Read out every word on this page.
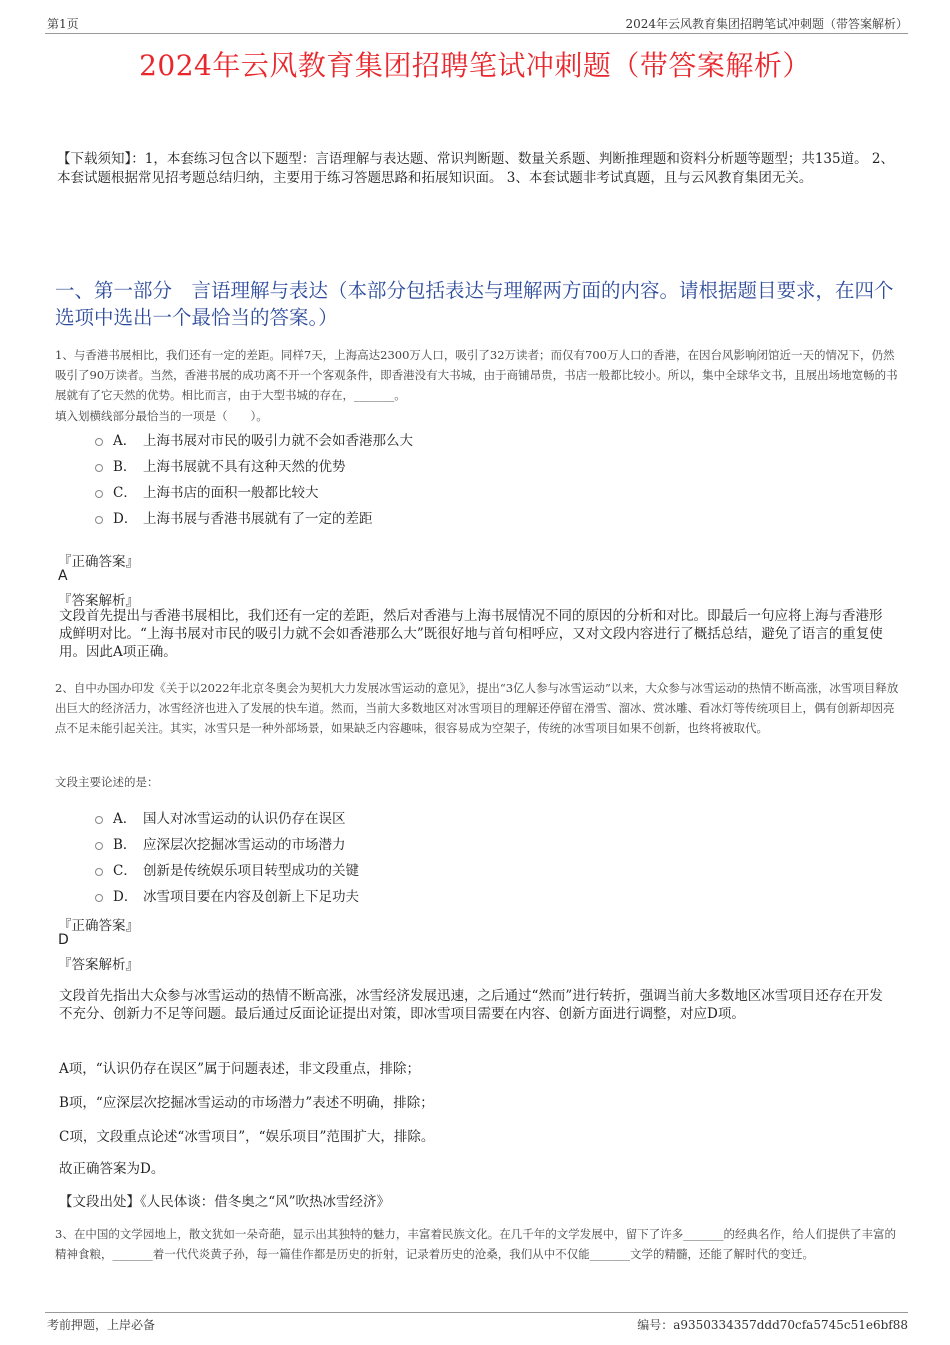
第1页	2024年云风教育集团招聘笔试冲刺题（带答案解析）
2024年云风教育集团招聘笔试冲刺题（带答案解析）
【下载须知】：1，本套练习包含以下题型：言语理解与表达题、常识判断题、数量关系题、判断推理题和资料分析题等题型；共135道。 2、本套试题根据常见招考题总结归纳，主要用于练习答题思路和拓展知识面。 3、本套试题非考试真题，且与云风教育集团无关。
一、第一部分　言语理解与表达（本部分包括表达与理解两方面的内容。请根据题目要求，在四个选项中选出一个最恰当的答案。）
1、与香港书展相比，我们还有一定的差距。同样7天，上海高达2300万人口，吸引了32万读者；而仅有700万人口的香港，在因台风影响闭馆近一天的情况下，仍然吸引了90万读者。当然，香港书展的成功离不开一个客观条件，即香港没有大书城，由于商铺昂贵，书店一般都比较小。所以，集中全球华文书，且展出场地宽畅的书展就有了它天然的优势。相比而言，由于大型书城的存在，_______。
填入划横线部分最恰当的一项是（　　）。
A． 上海书展对市民的吸引力就不会如香港那么大
B． 上海书展就不具有这种天然的优势
C． 上海书店的面积一般都比较大
D． 上海书展与香港书展就有了一定的差距
『正确答案』
A
『答案解析』
文段首先提出与香港书展相比，我们还有一定的差距，然后对香港与上海书展情况不同的原因的分析和对比。即最后一句应将上海与香港形成鲜明对比。“上海书展对市民的吸引力就不会如香港那么大”既很好地与首句相呼应，又对文段内容进行了概括总结，避免了语言的重复使用。因此A项正确。
2、自中办国办印发《关于以2022年北京冬奥会为契机大力发展冰雪运动的意见》，提出“3亿人参与冰雪运动”以来，大众参与冰雪运动的热情不断高涨，冰雪项目释放出巨大的经济活力，冰雪经济也进入了发展的快车道。然而，当前大多数地区对冰雪项目的理解还停留在滑雪、溜冰、赏冰雕、看冰灯等传统项目上，偶有创新却因亮点不足未能引起关注。其实，冰雪只是一种外部场景，如果缺乏内容趣味，很容易成为空架子，传统的冰雪项目如果不创新，也终将被取代。
文段主要论述的是：
A． 国人对冰雪运动的认识仍存在误区
B． 应深层次挖掘冰雪运动的市场潜力
C． 创新是传统娱乐项目转型成功的关键
D． 冰雪项目要在内容及创新上下足功夫
『正确答案』
D
『答案解析』
文段首先指出大众参与冰雪运动的热情不断高涨，冰雪经济发展迅速，之后通过“然而”进行转折，强调当前大多数地区冰雪项目还存在开发不充分、创新力不足等问题。最后通过反面论证提出对策，即冰雪项目需要在内容、创新方面进行调整，对应D项。
A项，“认识仍存在误区”属于问题表述，非文段重点，排除；
B项，“应深层次挖掘冰雪运动的市场潜力”表述不明确，排除；
C项，文段重点论述“冰雪项目”，“娱乐项目”范围扩大，排除。
故正确答案为D。
【文段出处】《人民体谈：借冬奥之“风”吹热冰雪经济》
3、在中国的文学园地上，散文犹如一朵奇葩，显示出其独特的魅力，丰富着民族文化。在几千年的文学发展中，留下了许多_______的经典名作，给人们提供了丰富的精神食粮，_______着一代代炎黄子孙，每一篇佳作都是历史的折射，记录着历史的沧桑，我们从中不仅能_______文学的精髓，还能了解时代的变迁。
考前押题，上岸必备	编号：a9350334357ddd70cfa5745c51e6bf88
